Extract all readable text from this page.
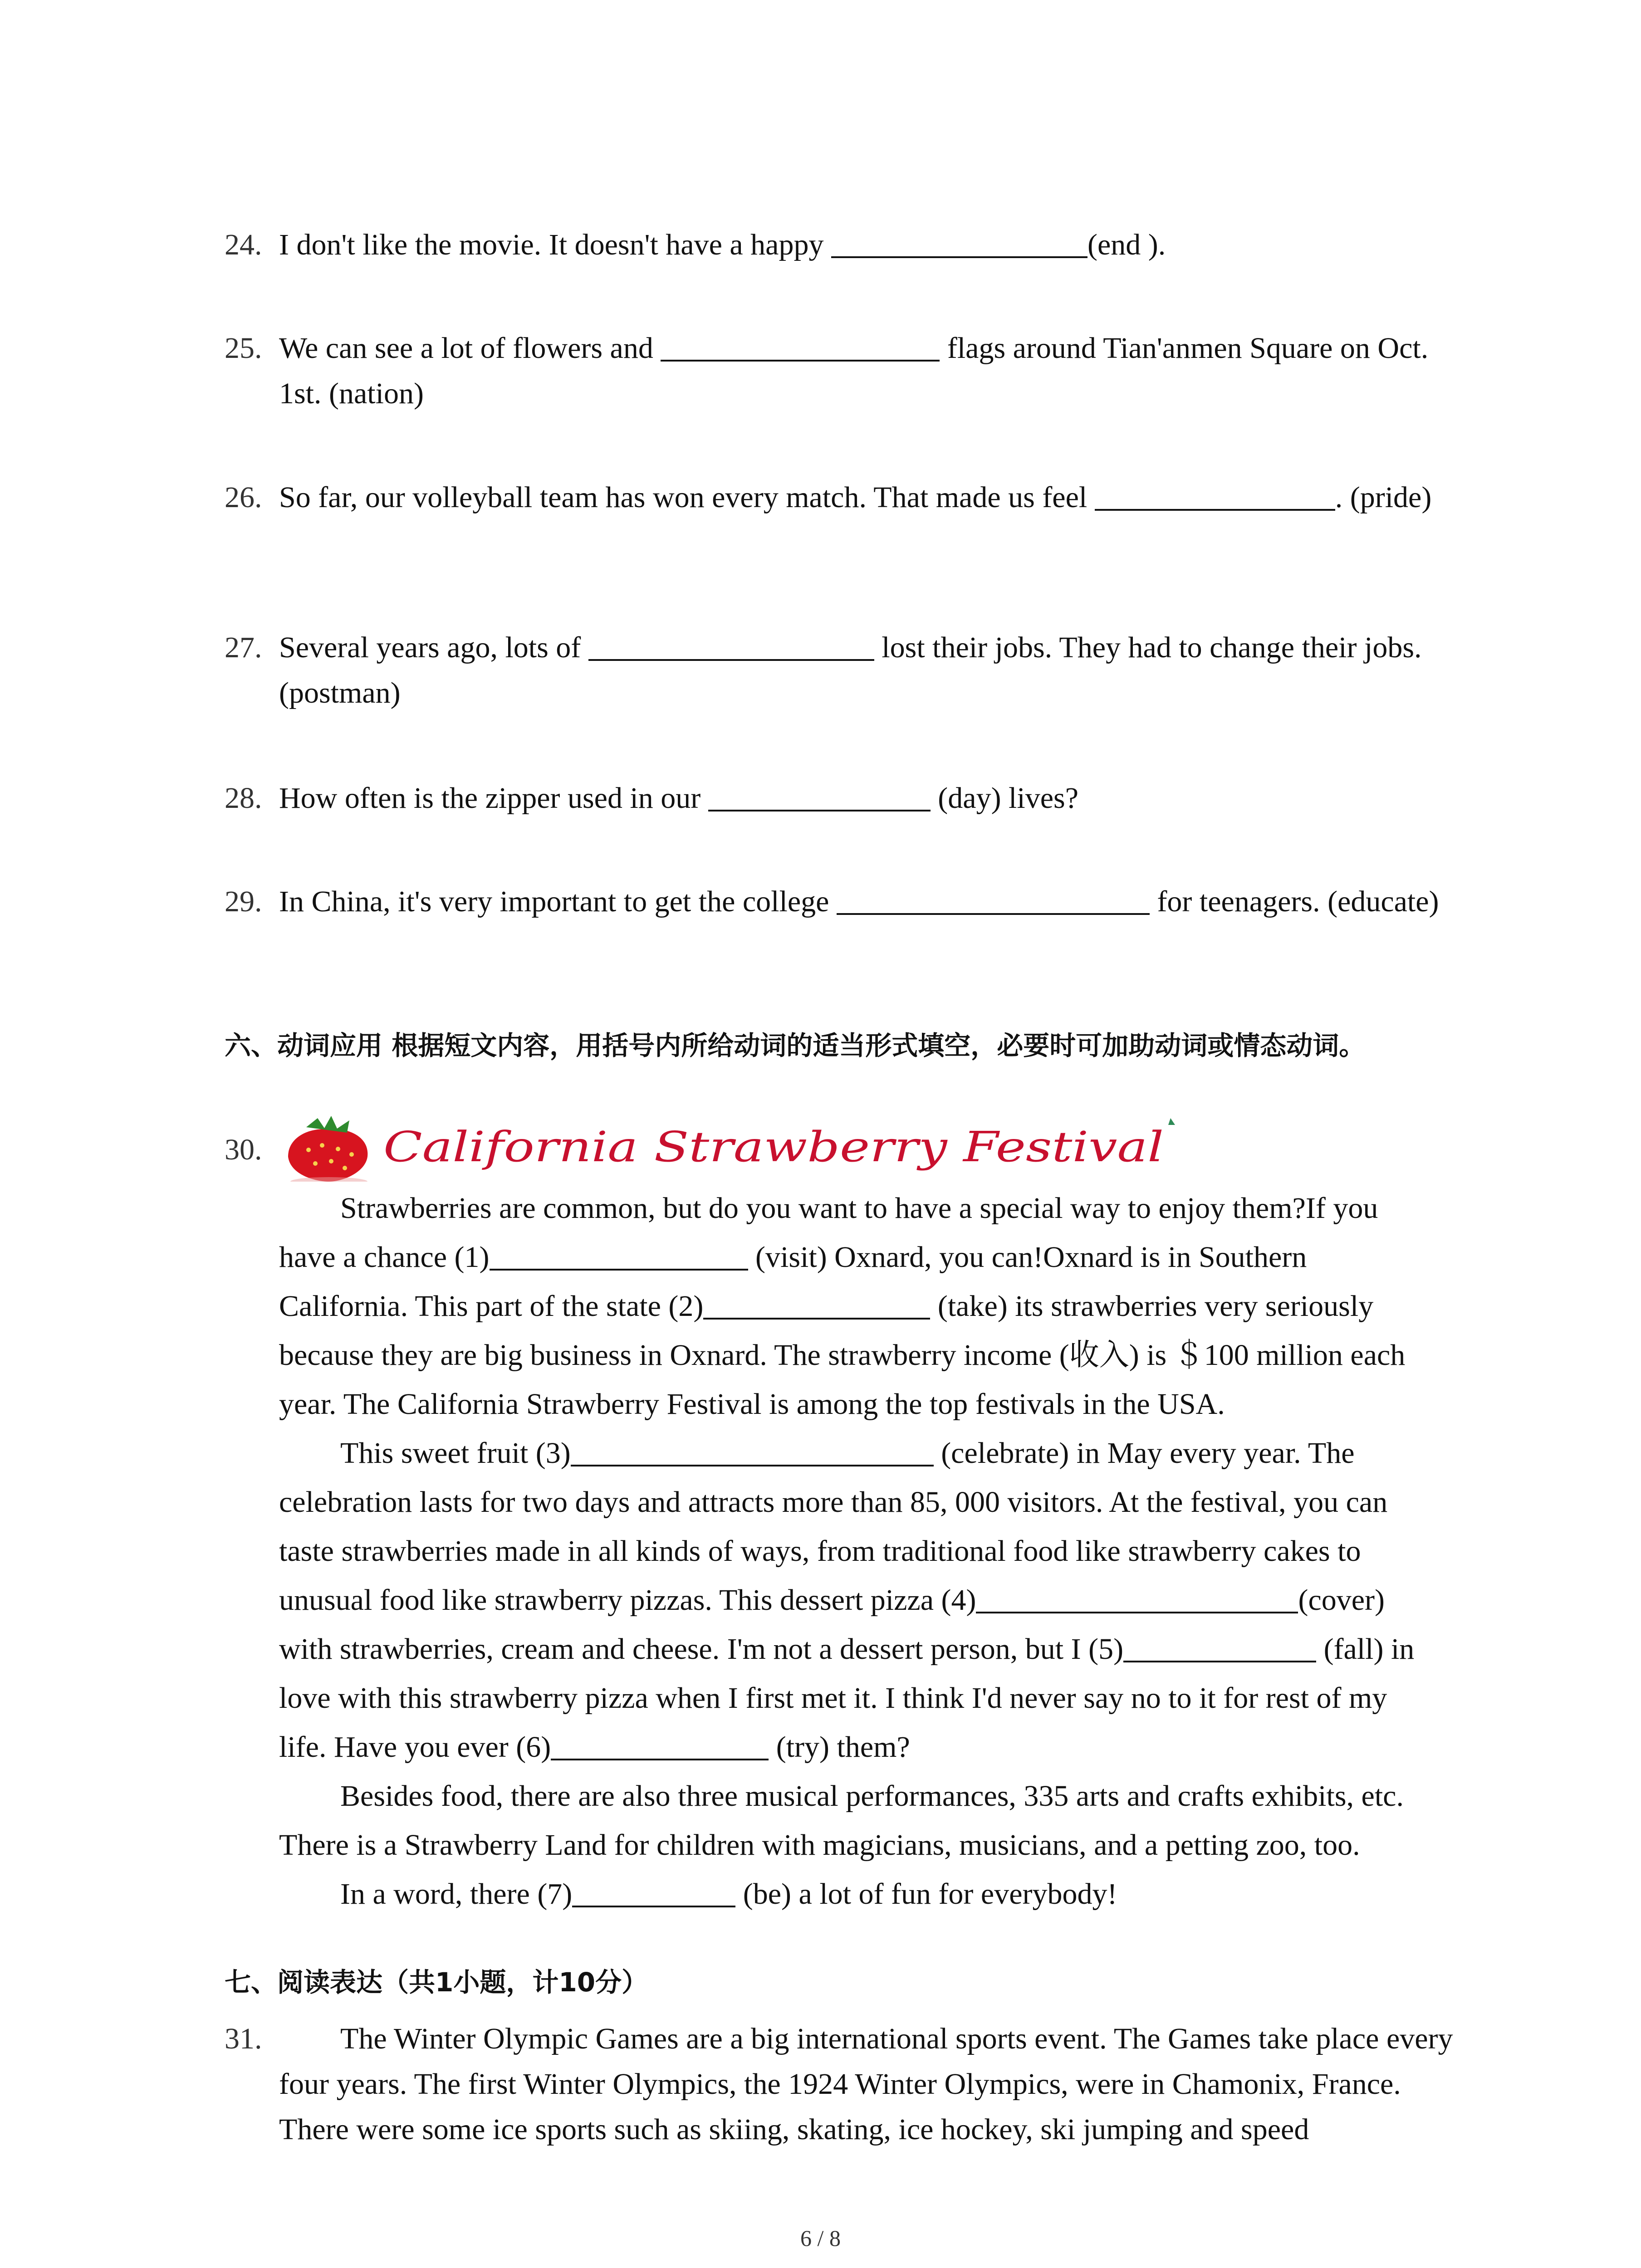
24. I don't like the movie. It doesn't have a happy	(end ).
25. We can see a lot of flowers and	flags around Tian'anmen Square on Oct. 1st. (nation)
26. So far, our volleyball team has won every match. That made us feel	. (pride)
27. Several years ago, lots of	lost their jobs. They had to change their jobs. (postman)
28. How often is the zipper used in our	(day) lives?
29. In China, it's very important to get the college	for teenagers. (educate)
六、动词应用 根据短文内容，用括号内所给动词的适当形式填空，必要时可加助动词或情态动词。
30.	California Strawberry Festival

Strawberries are common, but do you want to have a special way to enjoy them?If you have a chance (1)	(visit) Oxnard, you can!Oxnard is in Southern California. This part of the state (2)	(take) its strawberries very seriously because they are big business in Oxnard. The strawberry income (收入) is ＄100 million each year. The California Strawberry Festival is among the top festivals in the USA.

This sweet fruit (3)	(celebrate) in May every year. The celebration lasts for two days and attracts more than 85, 000 visitors. At the festival, you can taste strawberries made in all kinds of ways, from traditional food like strawberry cakes to unusual food like strawberry pizzas. This dessert pizza (4)	(cover) with strawberries, cream and cheese. I'm not a dessert person, but I (5)	(fall) in love with this strawberry pizza when I first met it. I think I'd never say no to it for rest of my life. Have you ever (6)	(try) them?

Besides food, there are also three musical performances, 335 arts and crafts exhibits, etc. There is a Strawberry Land for children with magicians, musicians, and a petting zoo, too.

In a word, there (7)	(be) a lot of fun for everybody!

七、阅读表达（共1小题，计10分）
31.	The Winter Olympic Games are a big international sports event. The Games take place every four years. The first Winter Olympics, the 1924 Winter Olympics, were in Chamonix, France. There were some ice sports such as skiing, skating, ice hockey, ski jumping and speed
6 / 8
